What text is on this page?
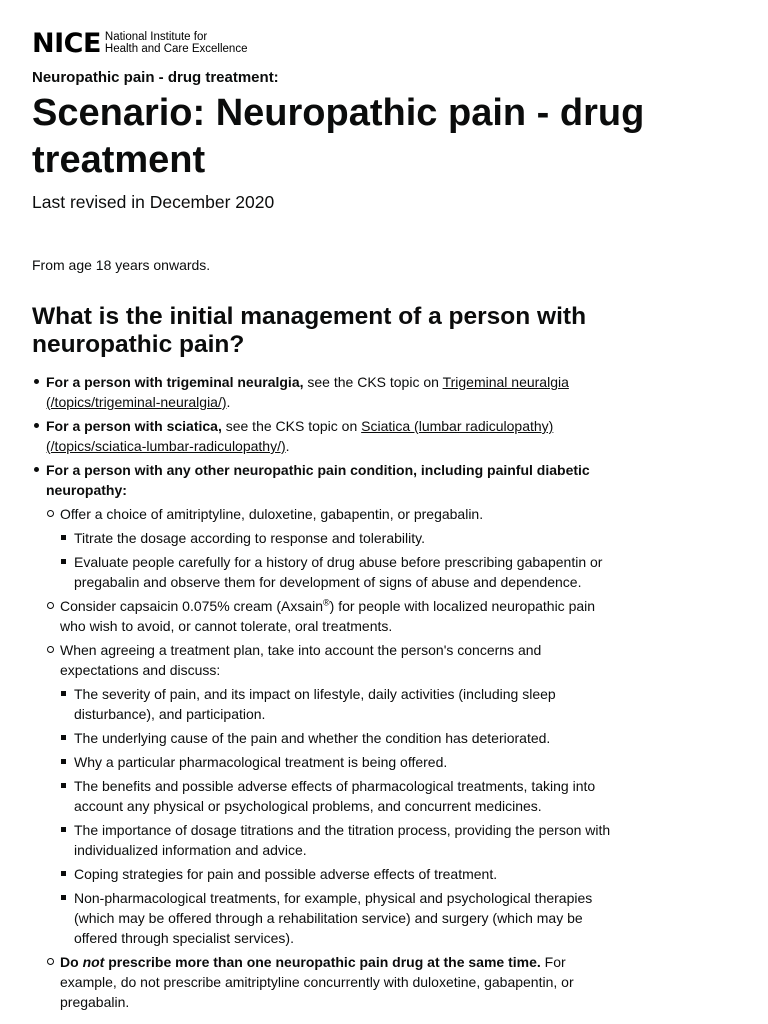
NICE National Institute for
Health and Care Excellence
Neuropathic pain - drug treatment:
Scenario: Neuropathic pain - drug treatment
Last revised in December 2020
From age 18 years onwards.
What is the initial management of a person with neuropathic pain?
For a person with trigeminal neuralgia, see the CKS topic on Trigeminal neuralgia (/topics/trigeminal-neuralgia/).
For a person with sciatica, see the CKS topic on Sciatica (lumbar radiculopathy) (/topics/sciatica-lumbar-radiculopathy/).
For a person with any other neuropathic pain condition, including painful diabetic neuropathy:
Offer a choice of amitriptyline, duloxetine, gabapentin, or pregabalin.
Titrate the dosage according to response and tolerability.
Evaluate people carefully for a history of drug abuse before prescribing gabapentin or pregabalin and observe them for development of signs of abuse and dependence.
Consider capsaicin 0.075% cream (Axsain®) for people with localized neuropathic pain who wish to avoid, or cannot tolerate, oral treatments.
When agreeing a treatment plan, take into account the person's concerns and expectations and discuss:
The severity of pain, and its impact on lifestyle, daily activities (including sleep disturbance), and participation.
The underlying cause of the pain and whether the condition has deteriorated.
Why a particular pharmacological treatment is being offered.
The benefits and possible adverse effects of pharmacological treatments, taking into account any physical or psychological problems, and concurrent medicines.
The importance of dosage titrations and the titration process, providing the person with individualized information and advice.
Coping strategies for pain and possible adverse effects of treatment.
Non-pharmacological treatments, for example, physical and psychological therapies (which may be offered through a rehabilitation service) and surgery (which may be offered through specialist services).
Do not prescribe more than one neuropathic pain drug at the same time. For example, do not prescribe amitriptyline concurrently with duloxetine, gabapentin, or pregabalin.
